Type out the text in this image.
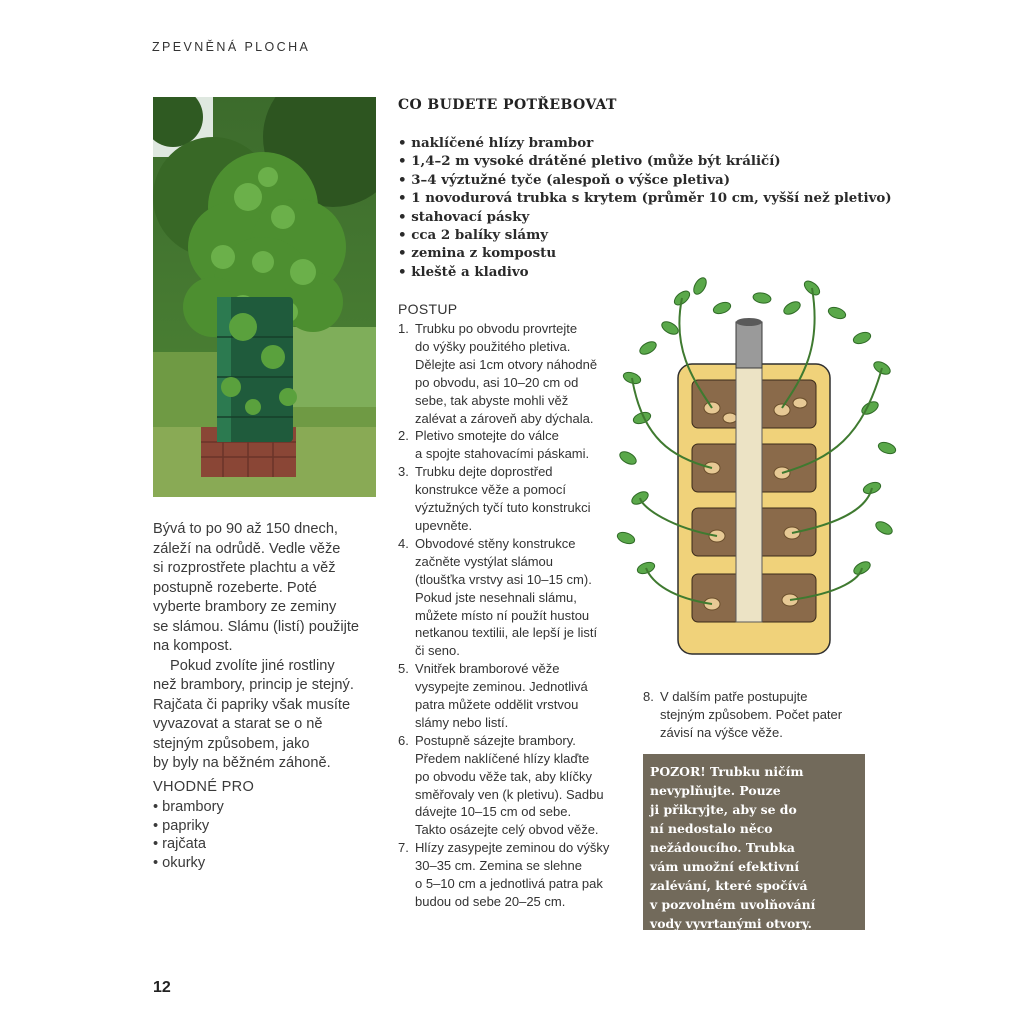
ZPEVNĚNÁ PLOCHA

Bývá to po 90 až 150 dnech,
záleží na odrůdě. Vedle věže
si rozprostřete plachtu a věž
postupně rozeberte. Poté
vyberte brambory ze zeminy
se slámou. Slámu (listí) použijte
na kompost.

Pokud zvolíte jiné rostliny
než brambory, princip je stejný.
Rajčata či papriky však musíte
vyvazovat a starat se o ně
stejným způsobem, jako
by byly na běžném záhoně.

VHODNÉ PRO
• brambory
• papriky
• rajčata
• okurky
CO BUDETE POTŘEBOVAT
• naklíčené hlízy brambor
• 1,4–2 m vysoké drátěné pletivo (může být králičí)
• 3–4 výztužné tyče (alespoň o výšce pletiva)
• 1 novodurová trubka s krytem (průměr 10 cm, vyšší než pletivo)
• stahovací pásky
• cca 2 balíky slámy
• zemina z kompostu
• kleště a kladivo
POSTUP
1. Trubku po obvodu provrtejte
do výšky použitého pletiva.
Dělejte asi 1cm otvory náhodně
po obvodu, asi 10–20 cm od
sebe, tak abyste mohli věž
zalévat a zároveň aby dýchala.
2. Pletivo smotejte do válce
a spojte stahovacími páskami.
3. Trubku dejte doprostřed
konstrukce věže a pomocí
výztužných tyčí tuto konstrukci
upevněte.
4. Obvodové stěny konstrukce
začněte vystýlat slámou
(tloušťka vrstvy asi 10–15 cm).
Pokud jste nesehnali slámu,
můžete místo ní použít hustou
netkanou textilii, ale lepší je listí
či seno.
5. Vnitřek bramborové věže
vysypejte zeminou. Jednotlivá
patra můžete oddělit vrstvou
slámy nebo listí.
6. Postupně sázejte brambory.
Předem naklíčené hlízy klaďte
po obvodu věže tak, aby klíčky
směřovaly ven (k pletivu). Sadbu
dávejte 10–15 cm od sebe.
Takto osázejte celý obvod věže.
7. Hlízy zasypejte zeminou do výšky
30–35 cm. Zemina se slehne
o 5–10 cm a jednotlivá patra pak
budou od sebe 20–25 cm.
8. V dalším patře postupujte
stejným způsobem. Počet pater
závisí na výšce věže.

POZOR! Trubku ničím
nevyplňujte. Pouze
ji přikryjte, aby se do
ní nedostalo něco
nežádoucího. Trubka
vám umožní efektivní
zalévání, které spočívá
v pozvolném uvolňování
vody vyvrtanými otvory.

12
